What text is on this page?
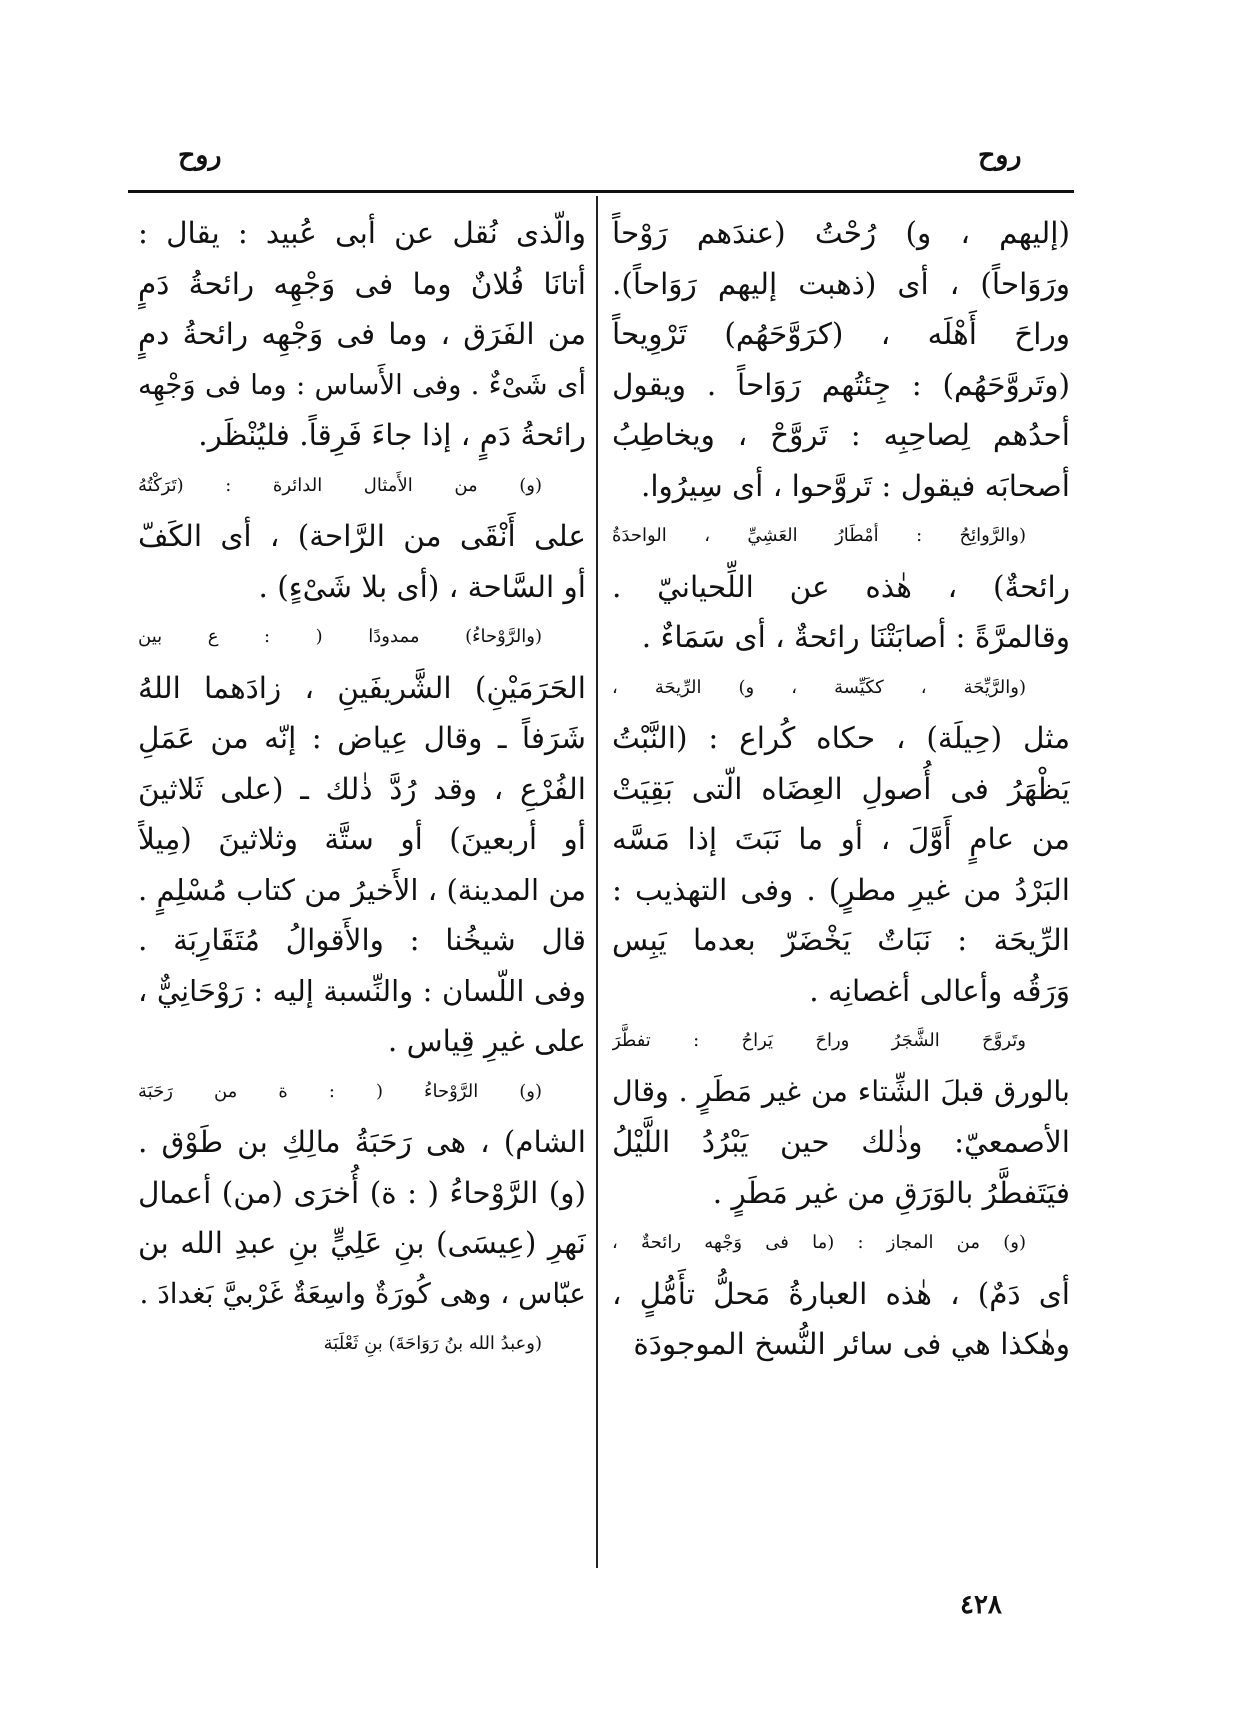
روح
روح
(إليهم ، و) رُحْتُ (عندَهم رَوْحاً
ورَوَاحاً) ، أى (ذهبت إليهم رَوَاحاً).
وراحَ أَهْلَه ، (كرَوَّحَهُم) تَرْوِيحاً
(وتَروَّحَهُم) : جِئتُهم رَوَاحاً . ويقول
أحدُهم لِصاحِبِه : تَروَّحْ ، ويخاطِبُ
أصحابَه فيقول : تَروَّحوا ، أى سِيرُوا.
(والرَّوائِحُ : أمْطَارُ العَشِيِّ ، الواحدَةُ
رائحةٌ) ، هٰذه عن اللِّحيانيّ .
وقالمرَّةً : أصابَتْنَا رائحةٌ ، أى سَمَاءٌ .
(والرَّيِّحَة ، ككَيِّسة ، و) الرِّيحَة ،
مثل (حِيلَة) ، حكاه كُراع : (النَّبْتُ
يَظْهَرُ فى أُصولِ العِضَاه الّتى بَقِيَتْ
من عامٍ أَوَّلَ ، أو ما نَبَتَ إذا مَسَّه
البَرْدُ من غيرِ مطرٍ) . وفى التهذيب :
الرِّيحَة : نَبَاتٌ يَخْضَرّ بعدما يَبِس
وَرَقُه وأعالى أغصانِه .
وتَروَّحَ الشَّجَرُ وراحَ يَراحُ : تفطَّرَ
بالورق قبلَ الشِّتاء من غير مَطَرٍ . وقال
الأصمعيّ: وذٰلك حين يَبْرُدُ اللَّيْلُ
فيَتَفطَّرُ بالوَرَقِ من غير مَطَرٍ .
(و) من المجاز : (ما فى وَجْهه رائحةٌ ،
أى دَمٌ) ، هٰذه العبارةُ مَحلُّ تأَمُّلٍ ،
وهٰكذا هي فى سائر النُّسخ الموجودَة
والّذى نُقل عن أبى عُبيد : يقال :
أتانَا فُلانٌ وما فى وَجْهِه رائحةُ دَمٍ
من الفَرَق ، وما فى وَجْهِه رائحةُ دمٍ
أى شَىْءٌ . وفى الأَساس : وما فى وَجْهِه
رائحةُ دَمٍ ، إذا جاءَ فَرِقاً. فليُنْظَر.
(و) من الأَمثال الدائرة : (تَرَكْتُهُ
على أَنْقَى من الرَّاحة) ، أى الكَفّ
أو السَّاحة ، (أى بلا شَىْءٍ) .
(والرَّوْحاءُ) ممدودًا ( : ع بين
الحَرَمَيْنِ) الشَّريفَينِ ، زادَهما اللهُ
شَرَفاً ـ وقال عِياض : إنّه من عَمَلِ
الفُرْعِ ، وقد رُدَّ ذٰلك ـ (على ثَلاثينَ
أو أربعينَ) أو ستَّة وثلاثينَ (مِيلاً
من المدينة) ، الأَخيرُ من كتاب مُسْلِمٍ .
قال شيخُنا : والأَقوالُ مُتَقَارِبَة .
وفى اللّسان : والنِّسبة إليه : رَوْحَانِيٌّ ،
على غيرِ قِياس .
(و) الرَّوْحاءُ ( : ة من رَحَبَة
الشام) ، هى رَحَبَةُ مالِكِ بن طَوْق .
(و) الرَّوْحاءُ ( : ة) أُخرَى (من) أعمال
نَهرِ (عِيسَى) بنِ عَلِيٍّ بنِ عبدِ الله بن
عبّاس ، وهى كُورَةٌ واسِعَةٌ غَرْبيَّ بَغدادَ .
(وعبدُ الله بنُ رَوَاحَةَ) بنِ ثَعْلَبَة
٤٢٨
